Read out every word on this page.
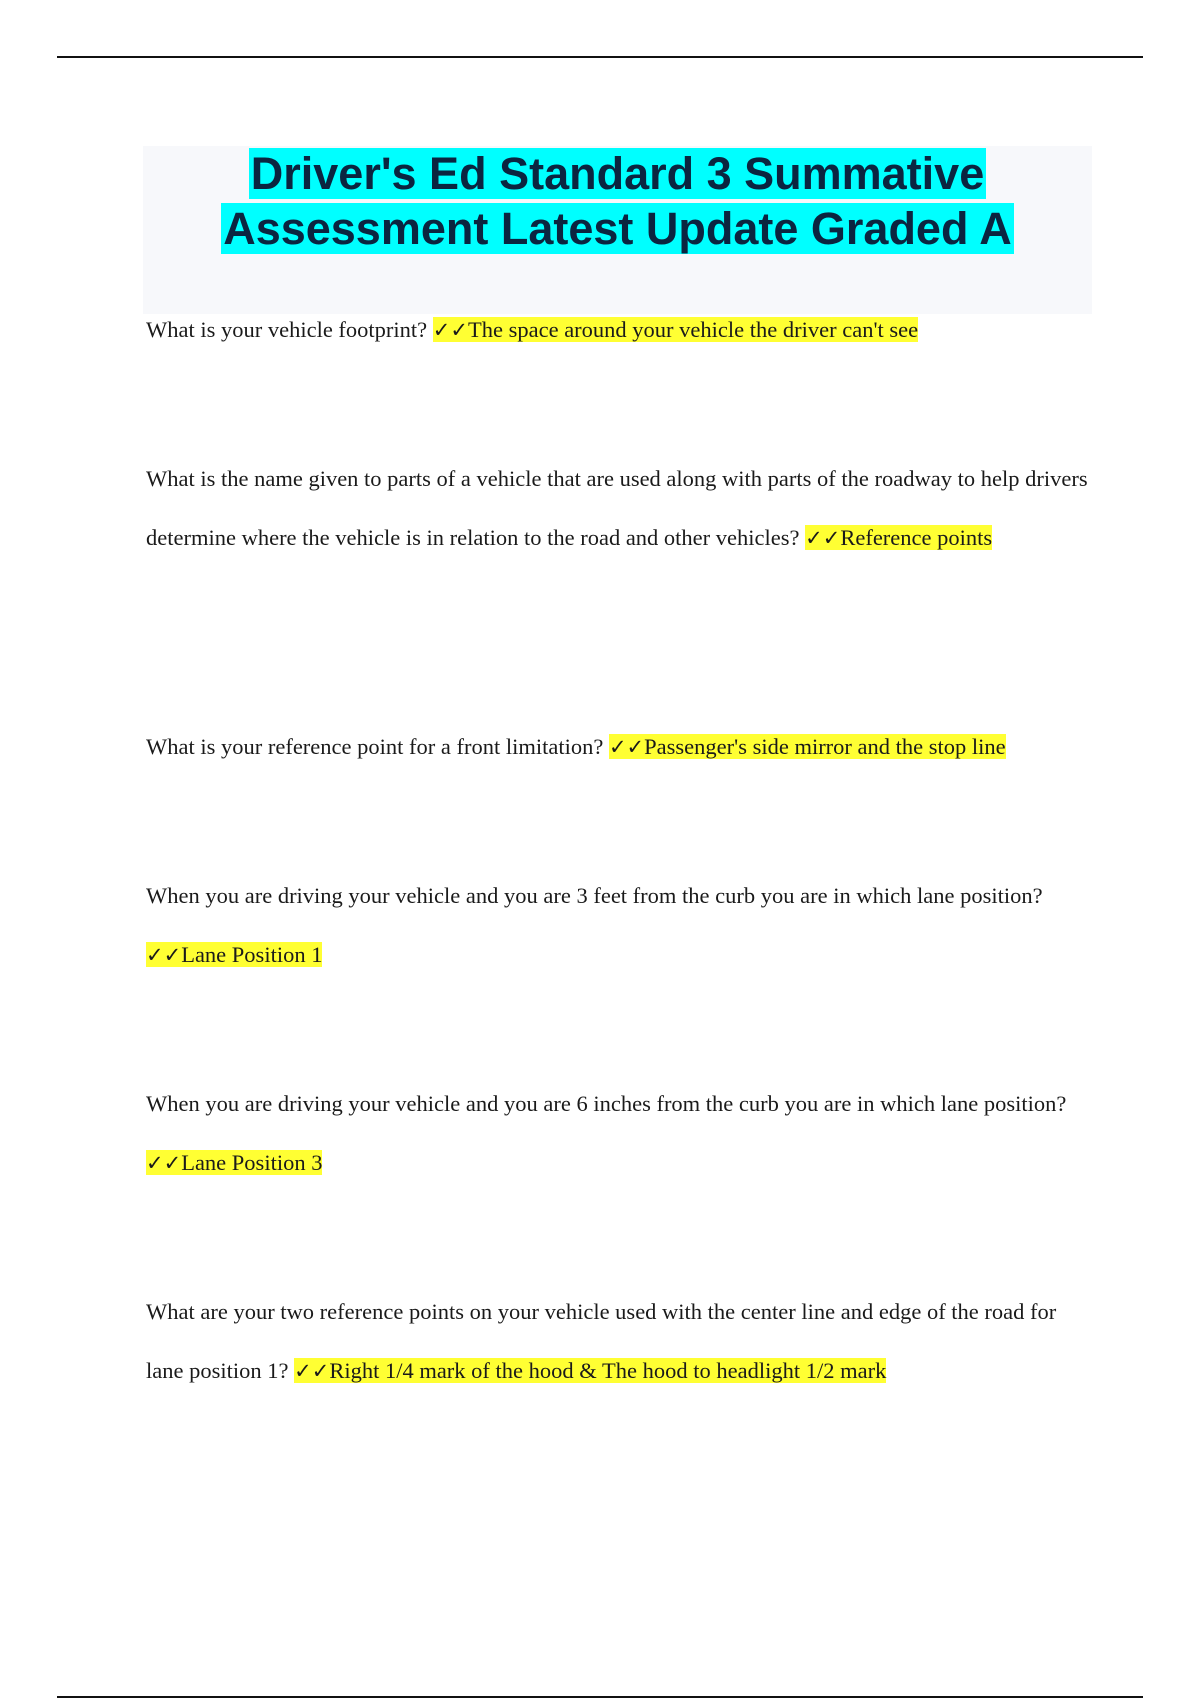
Driver's Ed Standard 3 Summative
Assessment Latest Update Graded A
What is your vehicle footprint? ✓✓The space around your vehicle the driver can't see
What is the name given to parts of a vehicle that are used along with parts of the roadway to help drivers determine where the vehicle is in relation to the road and other vehicles? ✓✓Reference points
What is your reference point for a front limitation? ✓✓Passenger's side mirror and the stop line
When you are driving your vehicle and you are 3 feet from the curb you are in which lane position? ✓✓Lane Position 1
When you are driving your vehicle and you are 6 inches from the curb you are in which lane position? ✓✓Lane Position 3
What are your two reference points on your vehicle used with the center line and edge of the road for lane position 1? ✓✓Right 1/4 mark of the hood & The hood to headlight 1/2 mark
